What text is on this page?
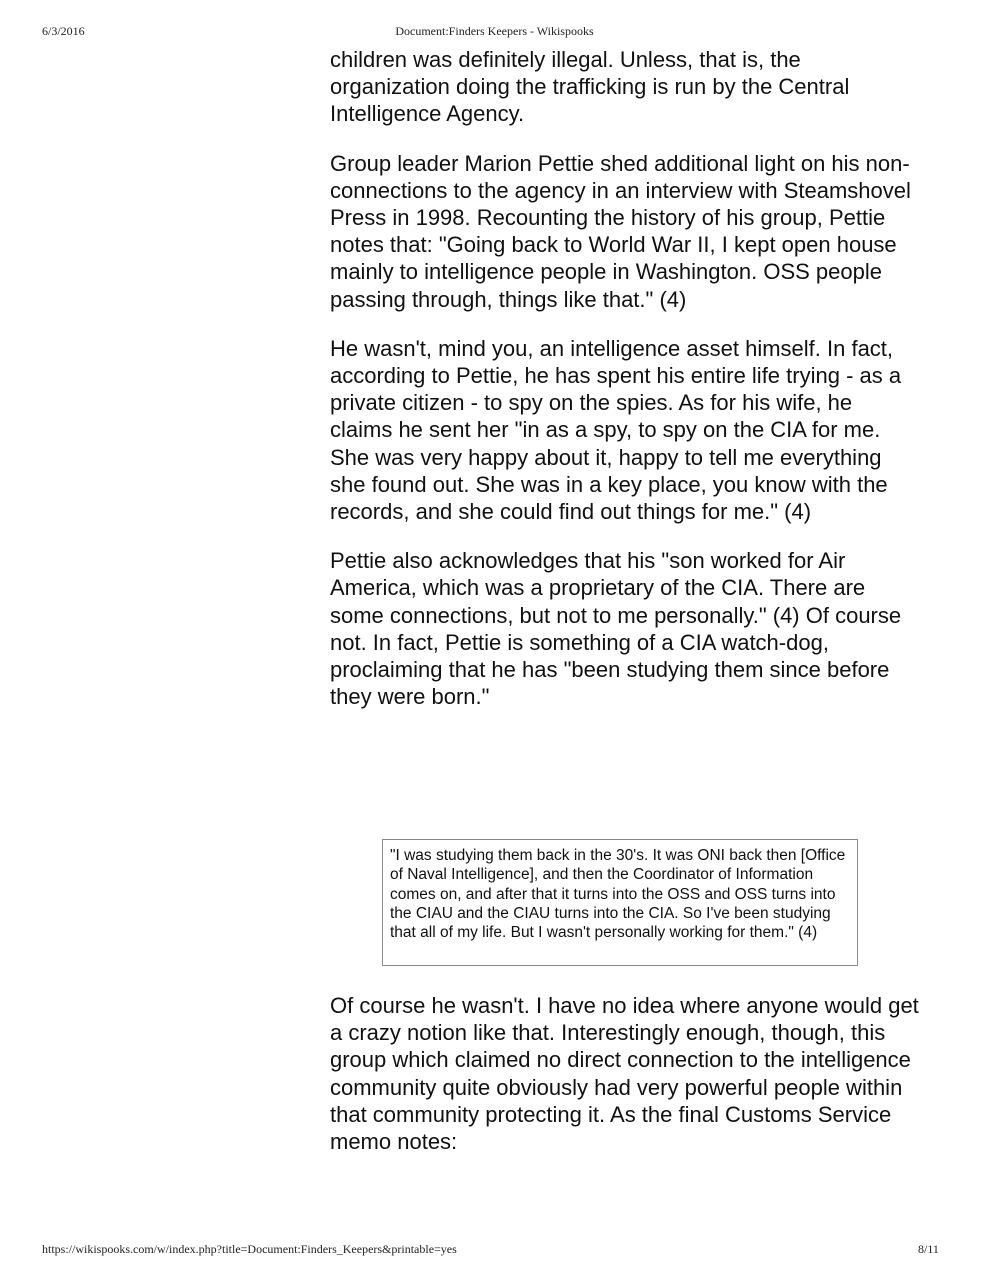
6/3/2016	Document:Finders Keepers - Wikispooks

children was definitely illegal. Unless, that is, the organization doing the trafficking is run by the Central Intelligence Agency.

Group leader Marion Pettie shed additional light on his non-connections to the agency in an interview with Steamshovel Press in 1998. Recounting the history of his group, Pettie notes that: "Going back to World War II, I kept open house mainly to intelligence people in Washington. OSS people passing through, things like that." (4)

He wasn't, mind you, an intelligence asset himself. In fact, according to Pettie, he has spent his entire life trying - as a private citizen - to spy on the spies. As for his wife, he claims he sent her "in as a spy, to spy on the CIA for me. She was very happy about it, happy to tell me everything she found out. She was in a key place, you know with the records, and she could find out things for me." (4)

Pettie also acknowledges that his "son worked for Air America, which was a proprietary of the CIA. There are some connections, but not to me personally." (4) Of course not. In fact, Pettie is something of a CIA watch-dog, proclaiming that he has "been studying them since before they were born."

"I was studying them back in the 30's. It was ONI back then [Office of Naval Intelligence], and then the Coordinator of Information comes on, and after that it turns into the OSS and OSS turns into the CIAU and the CIAU turns into the CIA. So I've been studying that all of my life. But I wasn't personally working for them." (4)

Of course he wasn't. I have no idea where anyone would get a crazy notion like that. Interestingly enough, though, this group which claimed no direct connection to the intelligence community quite obviously had very powerful people within that community protecting it. As the final Customs Service memo notes:

https://wikispooks.com/w/index.php?title=Document:Finders_Keepers&printable=yes	8/11
